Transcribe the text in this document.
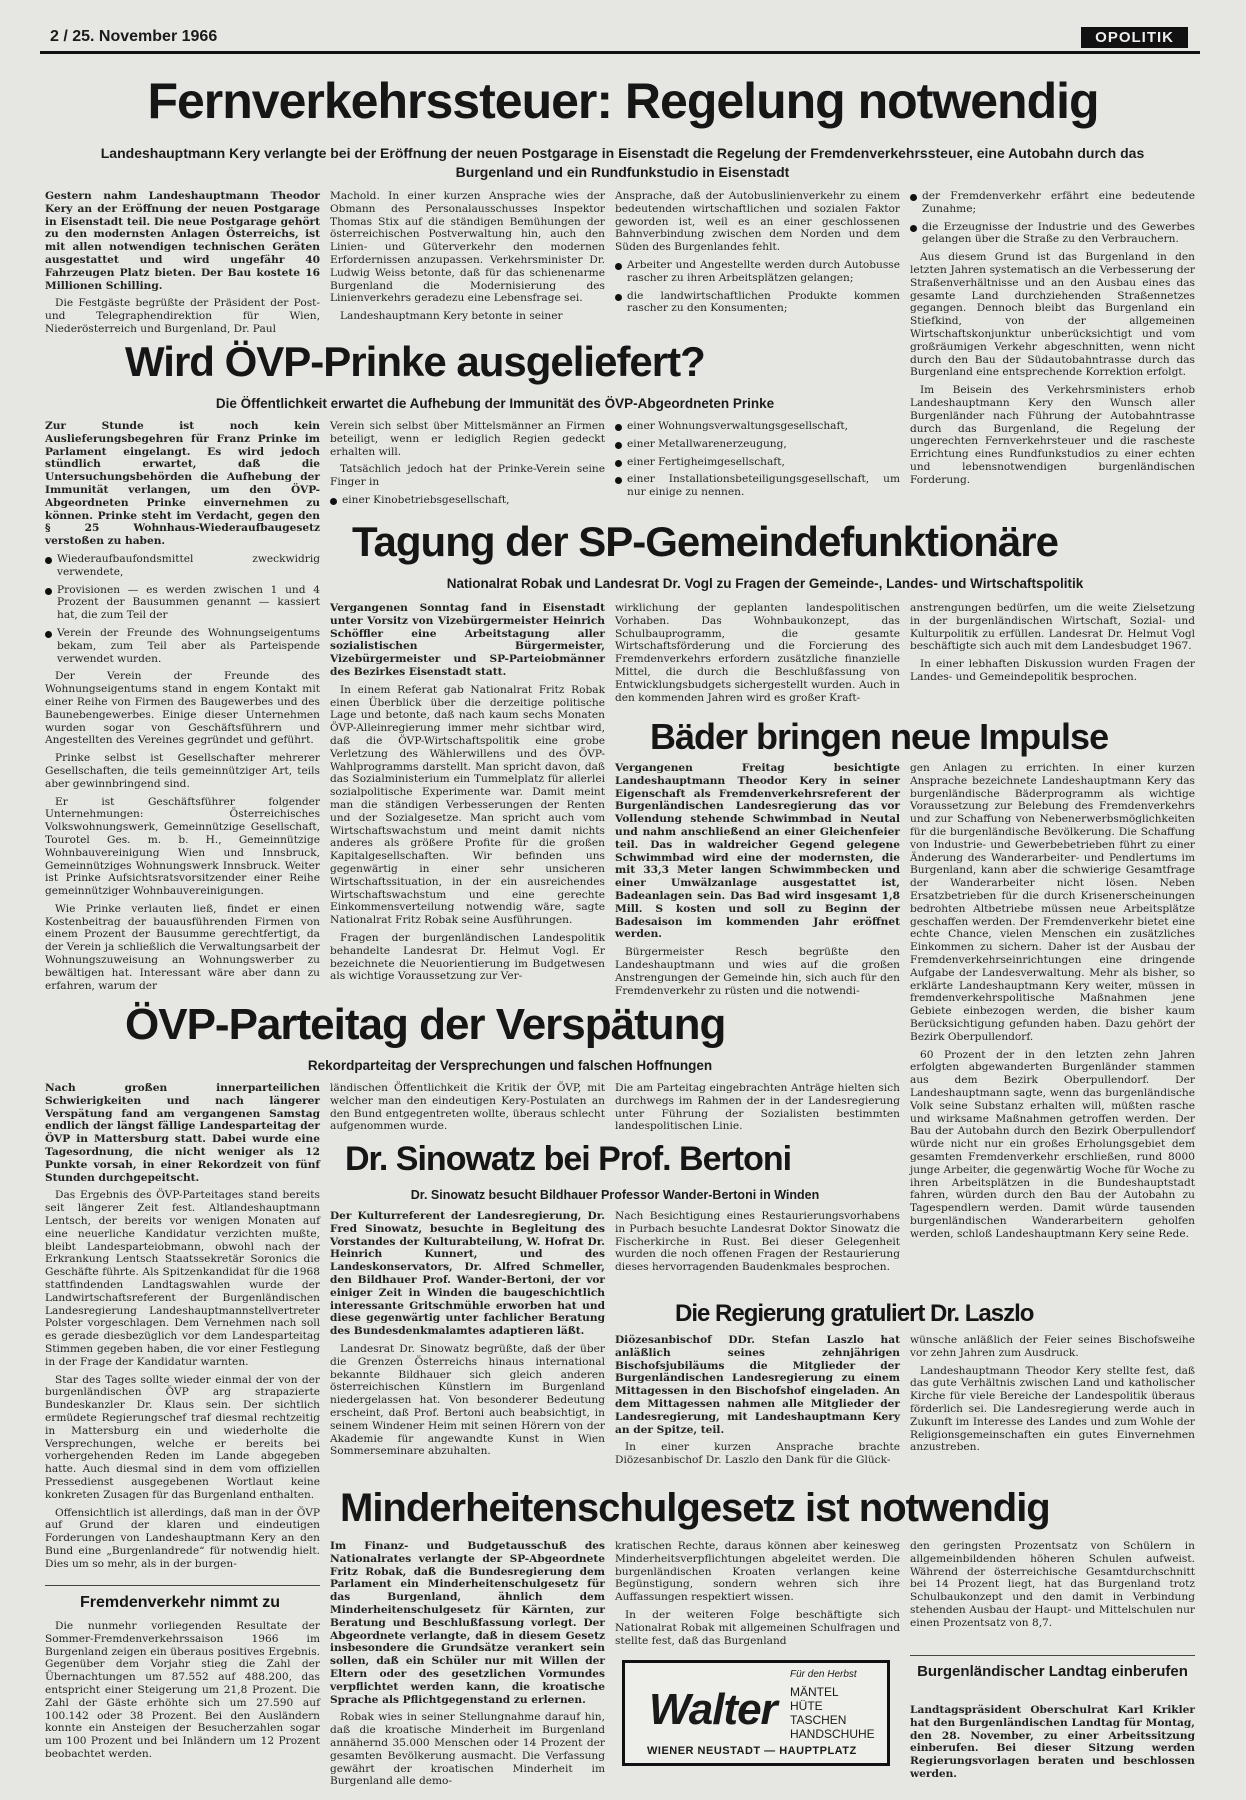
2 / 25. November 1966	OPOLITIK
Fernverkehrssteuer: Regelung notwendig
Landeshauptmann Kery verlangte bei der Eröffnung der neuen Postgarage in Eisenstadt die Regelung der Fremdenverkehrssteuer, eine Autobahn durch das Burgenland und ein Rundfunkstudio in Eisenstadt

Gestern nahm Landeshauptmann Theodor Kery an der Eröffnung der neuen Postgarage in Eisenstadt teil. Die neue Postgarage gehört zu den modernsten Anlagen Österreichs, ist mit allen notwendigen technischen Geräten ausgestattet und wird ungefähr 40 Fahrzeugen Platz bieten. Der Bau kostete 16 Millionen Schilling.

Die Festgäste begrüßte der Präsident der Post- und Telegraphendirektion für Wien, Niederösterreich und Burgenland, Dr. Paul

Machold. In einer kurzen Ansprache wies der Obmann des Personalausschusses Inspektor Thomas Stix auf die ständigen Bemühungen der österreichischen Postverwaltung hin, auch den Linien- und Güterverkehr den modernen Erfordernissen anzupassen. Verkehrsminister Dr. Ludwig Weiss betonte, daß für das schienenarme Burgenland die Modernisierung des Linienverkehrs geradezu eine Lebensfrage sei.

Landeshauptmann Kery betonte in seiner

Ansprache, daß der Autobuslinienverkehr zu einem bedeutenden wirtschaftlichen und sozialen Faktor geworden ist, weil es an einer geschlossenen Bahnverbindung zwischen dem Norden und dem Süden des Burgenlandes fehlt.

Arbeiter und Angestellte werden durch Autobusse rascher zu ihren Arbeitsplätzen gelangen;

die landwirtschaftlichen Produkte kommen rascher zu den Konsumenten;

der Fremdenverkehr erfährt eine bedeutende Zunahme;

die Erzeugnisse der Industrie und des Gewerbes gelangen über die Straße zu den Verbrauchern.

Aus diesem Grund ist das Burgenland in den letzten Jahren systematisch an die Verbesserung der Straßenverhältnisse und an den Ausbau eines das gesamte Land durchziehenden Straßennetzes gegangen. Dennoch bleibt das Burgenland ein Stiefkind, von der allgemeinen Wirtschaftskonjunktur unberücksichtigt und vom großräumigen Verkehr abgeschnitten, wenn nicht durch den Bau der Südautobahntrasse durch das Burgenland eine entsprechende Korrektion erfolgt.

Im Beisein des Verkehrsministers erhob Landeshauptmann Kery den Wunsch aller Burgenländer nach Führung der Autobahntrasse durch das Burgenland, die Regelung der ungerechten Fernverkehrsteuer und die rascheste Errichtung eines Rundfunkstudios zu einer echten und lebensnotwendigen burgenländischen Forderung.

Wird ÖVP-Prinke ausgeliefert?
Die Öffentlichkeit erwartet die Aufhebung der Immunität des ÖVP-Abgeordneten Prinke

Zur Stunde ist noch kein Auslieferungsbegehren für Franz Prinke im Parlament eingelangt. Es wird jedoch stündlich erwartet, daß die Untersuchungsbehörden die Aufhebung der Immunität verlangen, um den ÖVP-Abgeordneten Prinke einvernehmen zu können. Prinke steht im Verdacht, gegen den § 25 Wohnhaus-Wiederaufbaugesetz verstoßen zu haben.

Wiederaufbaufondsmittel zweckwidrig verwendete,

Provisionen — es werden zwischen 1 und 4 Prozent der Bausummen genannt — kassiert hat, die zum Teil der

Verein der Freunde des Wohnungseigentums bekam, zum Teil aber als Parteispende verwendet wurden.

Der Verein der Freunde des Wohnungseigentums stand in engem Kontakt mit einer Reihe von Firmen des Baugewerbes und des Baunebengewerbes. Einige dieser Unternehmen wurden sogar von Geschäftsführern und Angestellten des Vereines gegründet und geführt.

Prinke selbst ist Gesellschafter mehrerer Gesellschaften, die teils gemeinnütziger Art, teils aber gewinnbringend sind.

Er ist Geschäftsführer folgender Unternehmungen: Österreichisches Volkswohnungswerk, Gemeinnützige Gesellschaft, Tourotel Ges. m. b. H., Gemeinnützige Wohnbauvereinigung Wien und Innsbruck, Gemeinnütziges Wohnungswerk Innsbruck. Weiter ist Prinke Aufsichtsratsvorsitzender einer Reihe gemeinnütziger Wohnbauvereinigungen.

Wie Prinke verlauten ließ, findet er einen Kostenbeitrag der bauausführenden Firmen von einem Prozent der Bausumme gerechtfertigt, da der Verein ja schließlich die Verwaltungsarbeit der Wohnungszuweisung an Wohnungswerber zu bewältigen hat. Interessant wäre aber dann zu erfahren, warum der

Verein sich selbst über Mittelsmänner an Firmen beteiligt, wenn er lediglich Regien gedeckt erhalten will.

Tatsächlich jedoch hat der Prinke-Verein seine Finger in

einer Kinobetriebsgesellschaft,

einer Wohnungsverwaltungsgesellschaft,

einer Metallwarenerzeugung,

einer Fertigheimgesellschaft,

einer Installationsbeteiligungsgesellschaft, um nur einige zu nennen.

Tagung der SP-Gemeindefunktionäre
Nationalrat Robak und Landesrat Dr. Vogl zu Fragen der Gemeinde-, Landes- und Wirtschaftspolitik

Vergangenen Sonntag fand in Eisenstadt unter Vorsitz von Vizebürgermeister Heinrich Schöffler eine Arbeitstagung aller sozialistischen Bürgermeister, Vizebürgermeister und SP-Parteiobmänner des Bezirkes Eisenstadt statt.

In einem Referat gab Nationalrat Fritz Robak einen Überblick über die derzeitige politische Lage und betonte, daß nach kaum sechs Monaten ÖVP-Alleinregierung immer mehr sichtbar wird, daß die ÖVP-Wirtschaftspolitik eine grobe Verletzung des Wählerwillens und des ÖVP-Wahlprogramms darstellt. Man spricht davon, daß das Sozialministerium ein Tummelplatz für allerlei sozialpolitische Experimente war. Damit meint man die ständigen Verbesserungen der Renten und der Sozialgesetze. Man spricht auch vom Wirtschaftswachstum und meint damit nichts anderes als größere Profite für die großen Kapitalgesellschaften. Wir befinden uns gegenwärtig in einer sehr unsicheren Wirtschaftssituation, in der ein ausreichendes Wirtschaftswachstum und eine gerechte Einkommensverteilung notwendig wäre, sagte Nationalrat Fritz Robak seine Ausführungen.

Fragen der burgenländischen Landespolitik behandelte Landesrat Dr. Helmut Vogl. Er bezeichnete die Neuorientierung im Budgetwesen als wichtige Voraussetzung zur Ver-

wirklichung der geplanten landespolitischen Vorhaben. Das Wohnbaukonzept, das Schulbauprogramm, die gesamte Wirtschaftsförderung und die Forcierung des Fremdenverkehrs erfordern zusätzliche finanzielle Mittel, die durch die Beschlußfassung von Entwicklungsbudgets sichergestellt wurden. Auch in den kommenden Jahren wird es großer Kraft-

anstrengungen bedürfen, um die weite Zielsetzung in der burgenländischen Wirtschaft, Sozial- und Kulturpolitik zu erfüllen. Landesrat Dr. Helmut Vogl beschäftigte sich auch mit dem Landesbudget 1967.

In einer lebhaften Diskussion wurden Fragen der Landes- und Gemeindepolitik besprochen.

Bäder bringen neue Impulse

Vergangenen Freitag besichtigte Landeshauptmann Theodor Kery in seiner Eigenschaft als Fremdenverkehrsreferent der Burgenländischen Landesregierung das vor Vollendung stehende Schwimmbad in Neutal und nahm anschließend an einer Gleichenfeier teil. Das in waldreicher Gegend gelegene Schwimmbad wird eine der modernsten, die mit 33,3 Meter langen Schwimmbecken und einer Umwälzanlage ausgestattet ist, Badeanlagen sein. Das Bad wird insgesamt 1,8 Mill. S kosten und soll zu Beginn der Badesaison im kommenden Jahr eröffnet werden.

Bürgermeister Resch begrüßte den Landeshauptmann und wies auf die großen Anstrengungen der Gemeinde hin, sich auch für den Fremdenverkehr zu rüsten und die notwendi-

gen Anlagen zu errichten. In einer kurzen Ansprache bezeichnete Landeshauptmann Kery das burgenländische Bäderprogramm als wichtige Voraussetzung zur Belebung des Fremdenverkehrs und zur Schaffung von Nebenerwerbsmöglichkeiten für die burgenländische Bevölkerung. Die Schaffung von Industrie- und Gewerbebetrieben führt zu einer Änderung des Wanderarbeiter- und Pendlertums im Burgenland, kann aber die schwierige Gesamtfrage der Wanderarbeiter nicht lösen. Neben Ersatzbetrieben für die durch Krisenerscheinungen bedrohten Altbetriebe müssen neue Arbeitsplätze geschaffen werden. Der Fremdenverkehr bietet eine echte Chance, vielen Menschen ein zusätzliches Einkommen zu sichern. Daher ist der Ausbau der Fremdenverkehrseinrichtungen eine dringende Aufgabe der Landesverwaltung. Mehr als bisher, so erklärte Landeshauptmann Kery weiter, müssen in fremdenverkehrspolitische Maßnahmen jene Gebiete einbezogen werden, die bisher kaum Berücksichtigung gefunden haben. Dazu gehört der Bezirk Oberpullendorf.

60 Prozent der in den letzten zehn Jahren erfolgten abgewanderten Burgenländer stammen aus dem Bezirk Oberpullendorf. Der Landeshauptmann sagte, wenn das burgenländische Volk seine Substanz erhalten will, müßten rasche und wirksame Maßnahmen getroffen werden. Der Bau der Autobahn durch den Bezirk Oberpullendorf würde nicht nur ein großes Erholungsgebiet dem gesamten Fremdenverkehr erschließen, rund 8000 junge Arbeiter, die gegenwärtig Woche für Woche zu ihren Arbeitsplätzen in die Bundeshauptstadt fahren, würden durch den Bau der Autobahn zu Tagespendlern werden. Damit würde tausenden burgenländischen Wanderarbeitern geholfen werden, schloß Landeshauptmann Kery seine Rede.

ÖVP-Parteitag der Verspätung
Rekordparteitag der Versprechungen und falschen Hoffnungen

Nach großen innerparteilichen Schwierigkeiten und nach längerer Verspätung fand am vergangenen Samstag endlich der längst fällige Landesparteitag der ÖVP in Mattersburg statt. Dabei wurde eine Tagesordnung, die nicht weniger als 12 Punkte vorsah, in einer Rekordzeit von fünf Stunden durchgepeitscht.

Das Ergebnis des ÖVP-Parteitages stand bereits seit längerer Zeit fest. Altlandeshauptmann Lentsch, der bereits vor wenigen Monaten auf eine neuerliche Kandidatur verzichten mußte, bleibt Landesparteiobmann, obwohl nach der Erkrankung Lentsch Staatssekretär Soronics die Geschäfte führte. Als Spitzenkandidat für die 1968 stattfindenden Landtagswahlen wurde der Landwirtschaftsreferent der Burgenländischen Landesregierung Landeshauptmannstellvertreter Polster vorgeschlagen. Dem Vernehmen nach soll es gerade diesbezüglich vor dem Landesparteitag Stimmen gegeben haben, die vor einer Festlegung in der Frage der Kandidatur warnten.

Star des Tages sollte wieder einmal der von der burgenländischen ÖVP arg strapazierte Bundeskanzler Dr. Klaus sein. Der sichtlich ermüdete Regierungschef traf diesmal rechtzeitig in Mattersburg ein und wiederholte die Versprechungen, welche er bereits bei vorhergehenden Reden im Lande abgegeben hatte. Auch diesmal sind in dem vom offiziellen Pressedienst ausgegebenen Wortlaut keine konkreten Zusagen für das Burgenland enthalten.

Offensichtlich ist allerdings, daß man in der ÖVP auf Grund der klaren und eindeutigen Forderungen von Landeshauptmann Kery an den Bund eine „Burgenlandrede“ für notwendig hielt. Dies um so mehr, als in der burgen-

ländischen Öffentlichkeit die Kritik der ÖVP, mit welcher man den eindeutigen Kery-Postulaten an den Bund entgegentreten wollte, überaus schlecht aufgenommen wurde.

Die am Parteitag eingebrachten Anträge hielten sich durchwegs im Rahmen der in der Landesregierung unter Führung der Sozialisten bestimmten landespolitischen Linie.

Dr. Sinowatz bei Prof. Bertoni
Dr. Sinowatz besucht Bildhauer Professor Wander-Bertoni in Winden

Der Kulturreferent der Landesregierung, Dr. Fred Sinowatz, besuchte in Begleitung des Vorstandes der Kulturabteilung, W. Hofrat Dr. Heinrich Kunnert, und des Landeskonservators, Dr. Alfred Schmeller, den Bildhauer Prof. Wander-Bertoni, der vor einiger Zeit in Winden die baugeschichtlich interessante Gritschmühle erworben hat und diese gegenwärtig unter fachlicher Beratung des Bundesdenkmalamtes adaptieren läßt.

Landesrat Dr. Sinowatz begrüßte, daß der über die Grenzen Österreichs hinaus international bekannte Bildhauer sich gleich anderen österreichischen Künstlern im Burgenland niedergelassen hat. Von besonderer Bedeutung erscheint, daß Prof. Bertoni auch beabsichtigt, in seinem Windener Heim mit seinen Hörern von der Akademie für angewandte Kunst in Wien Sommerseminare abzuhalten.

Nach Besichtigung eines Restaurierungsvorhabens in Purbach besuchte Landesrat Doktor Sinowatz die Fischerkirche in Rust. Bei dieser Gelegenheit wurden die noch offenen Fragen der Restaurierung dieses hervorragenden Baudenkmales besprochen.

Die Regierung gratuliert Dr. Laszlo

Diözesanbischof DDr. Stefan Laszlo hat anläßlich seines zehnjährigen Bischofsjubiläums die Mitglieder der Burgenländischen Landesregierung zu einem Mittagessen in den Bischofshof eingeladen. An dem Mittagessen nahmen alle Mitglieder der Landesregierung, mit Landeshauptmann Kery an der Spitze, teil.

In einer kurzen Ansprache brachte Diözesanbischof Dr. Laszlo den Dank für die Glück-

wünsche anläßlich der Feier seines Bischofsweihe vor zehn Jahren zum Ausdruck.

Landeshauptmann Theodor Kery stellte fest, daß das gute Verhältnis zwischen Land und katholischer Kirche für viele Bereiche der Landespolitik überaus förderlich sei. Die Landesregierung werde auch in Zukunft im Interesse des Landes und zum Wohle der Religionsgemeinschaften ein gutes Einvernehmen anzustreben.

Minderheitenschulgesetz ist notwendig

Im Finanz- und Budgetausschuß des Nationalrates verlangte der SP-Abgeordnete Fritz Robak, daß die Bundesregierung dem Parlament ein Minderheitenschulgesetz für das Burgenland, ähnlich dem Minderheitenschulgesetz für Kärnten, zur Beratung und Beschlußfassung vorlegt. Der Abgeordnete verlangte, daß in diesem Gesetz insbesondere die Grundsätze verankert sein sollen, daß ein Schüler nur mit Willen der Eltern oder des gesetzlichen Vormundes verpflichtet werden kann, die kroatische Sprache als Pflichtgegenstand zu erlernen.

Robak wies in seiner Stellungnahme darauf hin, daß die kroatische Minderheit im Burgenland annähernd 35.000 Menschen oder 14 Prozent der gesamten Bevölkerung ausmacht. Die Verfassung gewährt der kroatischen Minderheit im Burgenland alle demo-

kratischen Rechte, daraus können aber keinesweg Minderheitsverpflichtungen abgeleitet werden. Die burgenländischen Kroaten verlangen keine Begünstigung, sondern wehren sich ihre Auffassungen respektiert wissen.

In der weiteren Folge beschäftigte sich Nationalrat Robak mit allgemeinen Schulfragen und stellte fest, daß das Burgenland

den geringsten Prozentsatz von Schülern in allgemeinbildenden höheren Schulen aufweist. Während der österreichische Gesamtdurchschnitt bei 14 Prozent liegt, hat das Burgenland trotz Schulbaukonzept und den damit in Verbindung stehenden Ausbau der Haupt- und Mittelschulen nur einen Prozentsatz von 8,7.

Fremdenverkehr nimmt zu

Die nunmehr vorliegenden Resultate der Sommer-Fremdenverkehrssaison 1966 im Burgenland zeigen ein überaus positives Ergebnis. Gegenüber dem Vorjahr stieg die Zahl der Übernachtungen um 87.552 auf 488.200, das entspricht einer Steigerung um 21,8 Prozent. Die Zahl der Gäste erhöhte sich um 27.590 auf 100.142 oder 38 Prozent. Bei den Ausländern konnte ein Ansteigen der Besucherzahlen sogar um 100 Prozent und bei Inländern um 12 Prozent beobachtet werden.

Burgenländischer Landtag einberufen

Landtagspräsident Oberschulrat Karl Krikler hat den Burgenländischen Landtag für Montag, den 28. November, zu einer Arbeitssitzung einberufen. Bei dieser Sitzung werden Regierungsvorlagen beraten und beschlossen werden.

Für den Herbst
Walter MÄNTEL
HÜTE
TASCHEN
HANDSCHUHE
WIENER NEUSTADT — HAUPTPLATZ
